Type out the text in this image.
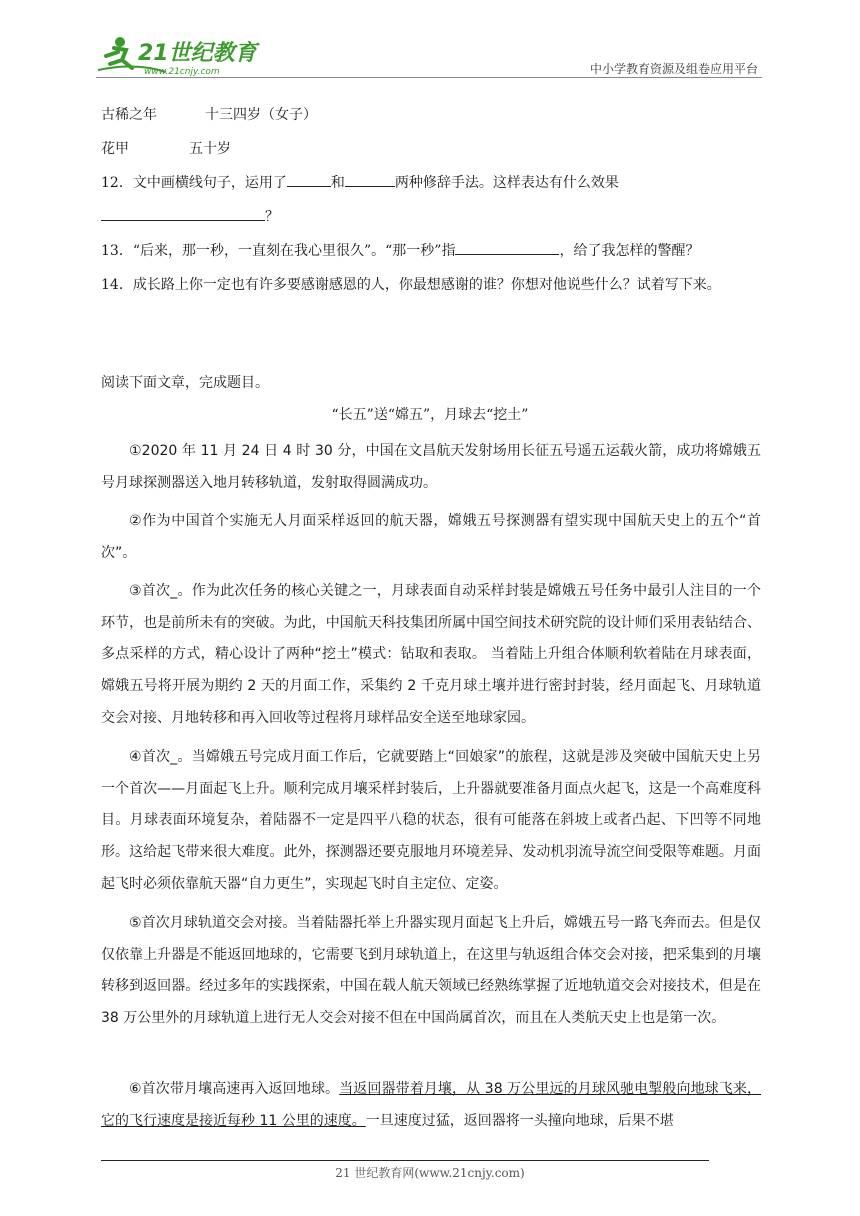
21世纪教育
www.21cnjy.com	中小学教育资源及组卷应用平台
古稀之年	十三四岁（女子）
花甲	五十岁
12．文中画横线句子，运用了	和	两种修辞手法。这样表达有什么效果
？
13．“后来，那一秒，一直刻在我心里很久”。“那一秒”指	，给了我怎样的警醒？
14．成长路上你一定也有许多要感谢感恩的人，你最想感谢的谁？你想对他说些什么？试着写下来。
阅读下面文章，完成题目。
“长五”送“嫦五”，月球去“挖土”
①2020 年 11 月 24 日 4 时 30 分，中国在文昌航天发射场用长征五号遥五运载火箭，成功将嫦娥五号月球探测器送入地月转移轨道，发射取得圆满成功。
②作为中国首个实施无人月面采样返回的航天器，嫦娥五号探测器有望实现中国航天史上的五个“首次”。
③首次_。作为此次任务的核心关键之一，月球表面自动采样封装是嫦娥五号任务中最引人注目的一个环节，也是前所未有的突破。为此，中国航天科技集团所属中国空间技术研究院的设计师们采用表钻结合、多点采样的方式，精心设计了两种“挖土”模式：钻取和表取。 当着陆上升组合体顺利软着陆在月球表面，嫦娥五号将开展为期约 2 天的月面工作，采集约 2 千克月球土壤并进行密封封装，经月面起飞、月球轨道交会对接、月地转移和再入回收等过程将月球样品安全送至地球家园。
④首次_。当嫦娥五号完成月面工作后，它就要踏上“回娘家”的旅程，这就是涉及突破中国航天史上另一个首次——月面起飞上升。顺利完成月壤采样封装后，上升器就要准备月面点火起飞，这是一个高难度科目。月球表面环境复杂，着陆器不一定是四平八稳的状态，很有可能落在斜坡上或者凸起、下凹等不同地形。这给起飞带来很大难度。此外，探测器还要克服地月环境差异、发动机羽流导流空间受限等难题。月面起飞时必须依靠航天器“自力更生”，实现起飞时自主定位、定姿。
⑤首次月球轨道交会对接。当着陆器托举上升器实现月面起飞上升后，嫦娥五号一路飞奔而去。但是仅仅依靠上升器是不能返回地球的，它需要飞到月球轨道上，在这里与轨返组合体交会对接，把采集到的月壤转移到返回器。经过多年的实践探索，中国在载人航天领域已经熟练掌握了近地轨道交会对接技术，但是在 38 万公里外的月球轨道上进行无人交会对接不但在中国尚属首次，而且在人类航天史上也是第一次。
⑥首次带月壤高速再入返回地球。当返回器带着月壤，从 38 万公里远的月球风驰电掣般向地球飞来，它的飞行速度是接近每秒 11 公里的速度。一旦速度过猛，返回器将一头撞向地球，后果不堪
21 世纪教育网(www.21cnjy.com)
